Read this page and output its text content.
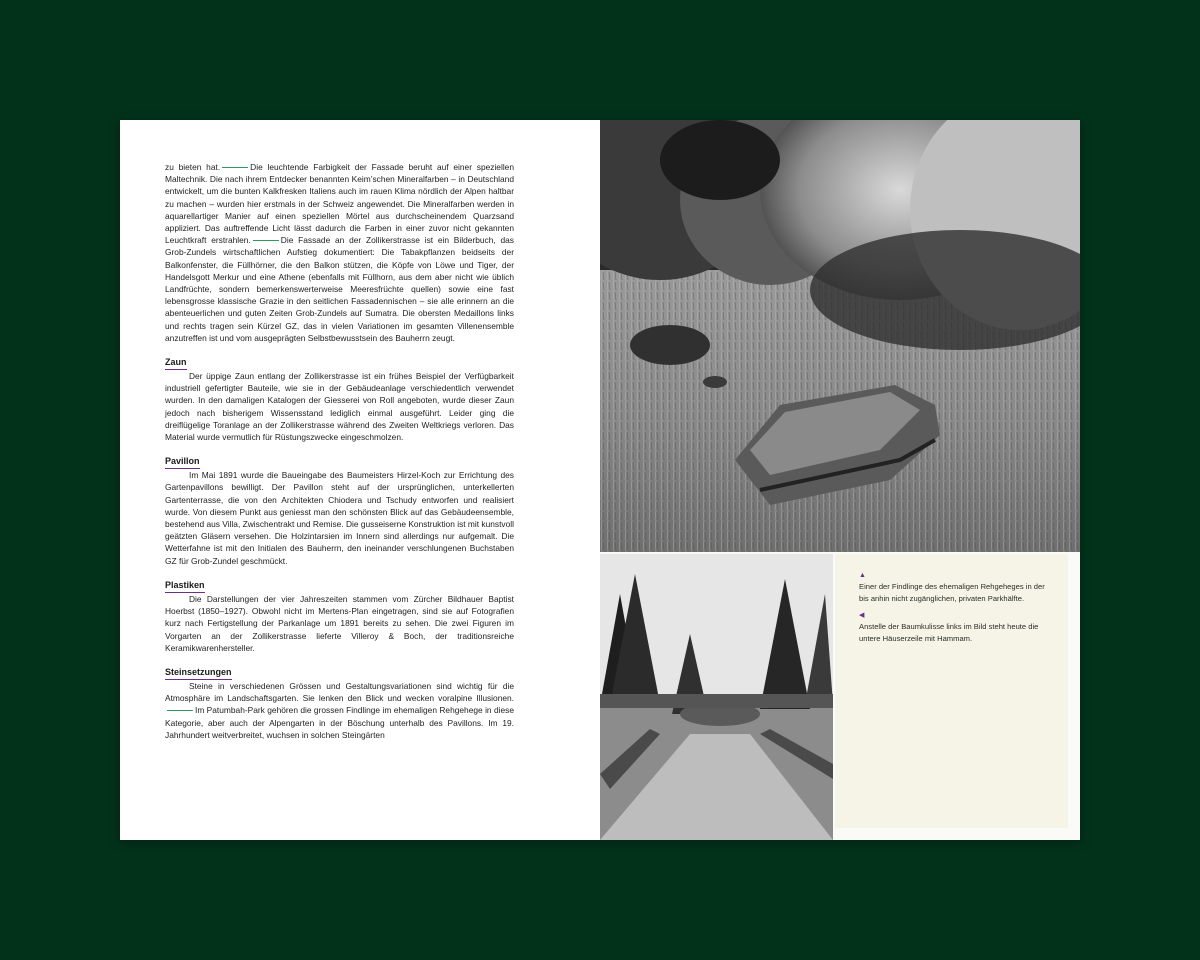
zu bieten hat.	Die leuchtende Farbigkeit der Fassade beruht auf einer speziellen Maltechnik. Die nach ihrem Entdecker benannten Keim’schen Mineralfarben – in Deutschland entwickelt, um die bunten Kalkfresken Italiens auch im rauen Klima nördlich der Alpen haltbar zu machen – wurden hier erstmals in der Schweiz angewendet. Die Mineralfarben werden in aquarellartiger Manier auf einen speziellen Mörtel aus durchscheinendem Quarzsand appliziert. Das auftreffende Licht lässt dadurch die Farben in einer zuvor nicht gekannten Leuchtkraft erstrahlen.	Die Fassade an der Zollikerstrasse ist ein Bilderbuch, das Grob-Zundels wirtschaftlichen Aufstieg dokumentiert: Die Tabakpflanzen beidseits der Balkonfenster, die Füllhörner, die den Balkon stützen, die Köpfe von Löwe und Tiger, der Handelsgott Merkur und eine Athene (ebenfalls mit Füllhorn, aus dem aber nicht wie üblich Landfrüchte, sondern bemerkenswerterweise Meeresfrüchte quellen) sowie eine fast lebensgrosse klassische Grazie in den seitlichen Fassadennischen – sie alle erinnern an die abenteuerlichen und guten Zeiten Grob-Zundels auf Sumatra. Die obersten Medaillons links und rechts tragen sein Kürzel GZ, das in vielen Variationen im gesamten Villenensemble anzutreffen ist und vom ausgeprägten Selbstbewusstsein des Bauherrn zeugt.

Zaun

Der üppige Zaun entlang der Zollikerstrasse ist ein frühes Beispiel der Verfügbarkeit industriell gefertigter Bauteile, wie sie in der Gebäudeanlage verschiedentlich verwendet wurden. In den damaligen Katalogen der Giesserei von Roll angeboten, wurde dieser Zaun jedoch nach bisherigem Wissensstand lediglich einmal ausgeführt. Leider ging die dreiflügelige Toranlage an der Zollikerstrasse während des Zweiten Weltkriegs verloren. Das Material wurde vermutlich für Rüstungszwecke eingeschmolzen.

Pavillon

Im Mai 1891 wurde die Baueingabe des Baumeisters Hirzel-Koch zur Errichtung des Gartenpavillons bewilligt. Der Pavillon steht auf der ursprünglichen, unterkellerten Gartenterrasse, die von den Architekten Chiodera und Tschudy entworfen und realisiert wurde. Von diesem Punkt aus geniesst man den schönsten Blick auf das Gebäudeensemble, bestehend aus Villa, Zwischentrakt und Remise. Die gusseiserne Konstruktion ist mit kunstvoll geätzten Gläsern versehen. Die Holzintarsien im Innern sind allerdings nur aufgemalt. Die Wetterfahne ist mit den Initialen des Bauherrn, den ineinander verschlungenen Buchstaben GZ für Grob-Zundel geschmückt.

Plastiken

Die Darstellungen der vier Jahreszeiten stammen vom Zürcher Bildhauer Baptist Hoerbst (1850–1927). Obwohl nicht im Mertens-Plan eingetragen, sind sie auf Fotografien kurz nach Fertigstellung der Parkanlage um 1891 bereits zu sehen. Die zwei Figuren im Vorgarten an der Zollikerstrasse lieferte Villeroy & Boch, der traditionsreiche Keramikwarenhersteller.

Steinsetzungen

Steine in verschiedenen Grössen und Gestaltungsvariationen sind wichtig für die Atmosphäre im Landschaftsgarten. Sie lenken den Blick und wecken voralpine Illusionen.Im Patumbah-Park gehören die grossen Findlinge im ehemaligen Rehgehege in diese Kategorie, aber auch der Alpengarten in der Böschung unterhalb des Pavillons. Im 19. Jahrhundert weitverbreitet, wuchsen in solchen Steingärten

▲

Einer der Findlinge des ehemaligen Rehgeheges in der bis anhin nicht zugänglichen, privaten Parkhälfte.

◀

Anstelle der Baumkulisse links im Bild steht heute die untere Häuserzeile mit Hammam.
